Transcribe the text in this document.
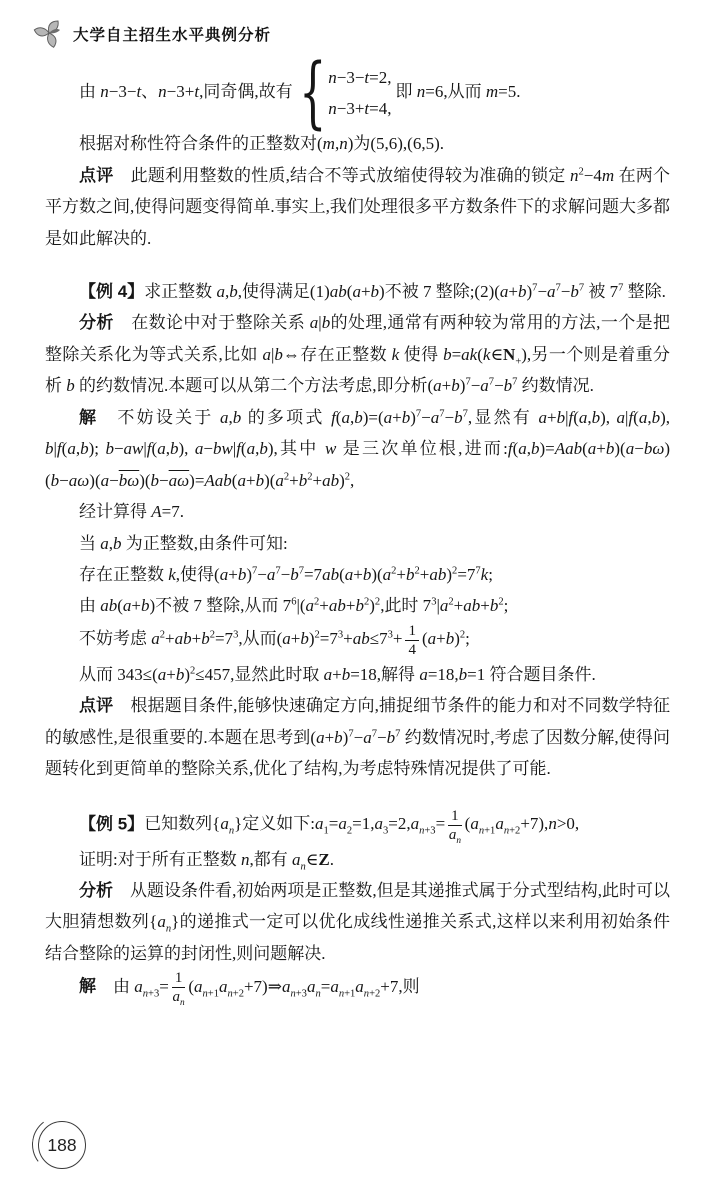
大学自主招生水平典例分析

由 n−3−t、n−3+t,同奇偶,故有 { n−3−t=2,
n−3+t=4,
即 n=6,从而 m=5.

根据对称性符合条件的正整数对(m,n)为(5,6),(6,5).

点评　此题利用整数的性质,结合不等式放缩使得较为准确的锁定 $n^2-4m$ 在两个平方数之间,使得问题变得简单.事实上,我们处理很多平方数条件下的求解问题大多都是如此解决的.

【例 4】求正整数 a,b,使得满足(1)ab(a+b)不被 7 整除$;(2)(a+b)^7-a^7-b^7$ 被 $7^7$ 整除.

分析　在数论中对于整除关系 a|b的处理,通常有两种较为常用的方法,一个是把整除关系化为等式关系,比如 a|b⇔存在正整数 k 使得 $b=ak(k\in N_+)$,另一个则是着重分析 b 的约数情况.本题可以从第二个方法考虑,即分析$(a+b)^7-a^7-b^7$ 约数情况.

解　不妨设关于 a,b 的多项式 $f(a,b)=(a+b)^7-a^7-b^7$,显然有 a+b|f(a,b), a|f(a,b), b|f(a,b); b−aw|f(a,b), a−bw|f(a,b),其中 w 是三次单位根,进而$:f(a,b)=Aab(a+b)(a-b\omega)(b-a\omega)(a-\overline{b\omega})(b-\overline{a\omega})=Aab(a+b)(a^2+b^2+ab)^2$,

经计算得 A=7.

当 a,b 为正整数,由条件可知:

存在正整数 k,使得$(a+b)^7-a^7-b^7=7ab(a+b)(a^2+b^2+ab)^2=7^7k$;

由 ab(a+b)不被 7 整除,从而 $7^6|(a^2+ab+b^2)^2$,此时 $7^3|a^2+ab+b^2$;

不妨考虑 $a^2+ab+b^2=7^3$,从而$(a+b)^2=7^3+ab\le 7^3+ \frac{1}{4} (a+b)^2$;

从而 $343\le(a+b)^2\le 457$,显然此时取 a+b=18,解得 a=18,b=1 符合题目条件.

点评　根据题目条件,能够快速确定方向,捕捉细节条件的能力和对不同数学特征的敏感性,是很重要的.本题在思考到$(a+b)^7-a^7-b^7$ 约数情况时,考虑了因数分解,使得问题转化到更简单的整除关系,优化了结构,为考虑特殊情况提供了可能.

【例 5】已知数列$\{a_n\}$定义如下$:a_1=a_2=1,a_3=2,a_{n+3}= \frac{1}{a_n} (a_{n+1}a_{n+2}+7),n>0$,

证明:对于所有正整数 n,都有 $a_n\in Z$.

分析　从题设条件看,初始两项是正整数,但是其递推式属于分式型结构,此时可以大胆猜想数列$\{a_n\}$的递推式一定可以优化成线性递推关系式,这样以来利用初始条件结合整除的运算的封闭性,则问题解决.

解　由 $a_{n+3}= \frac{1}{a_n}$ $(a_{n+1}a_{n+2}+7)\Rightarrow a_{n+3}a_n=a_{n+1}a_{n+2}+7$,则

188
